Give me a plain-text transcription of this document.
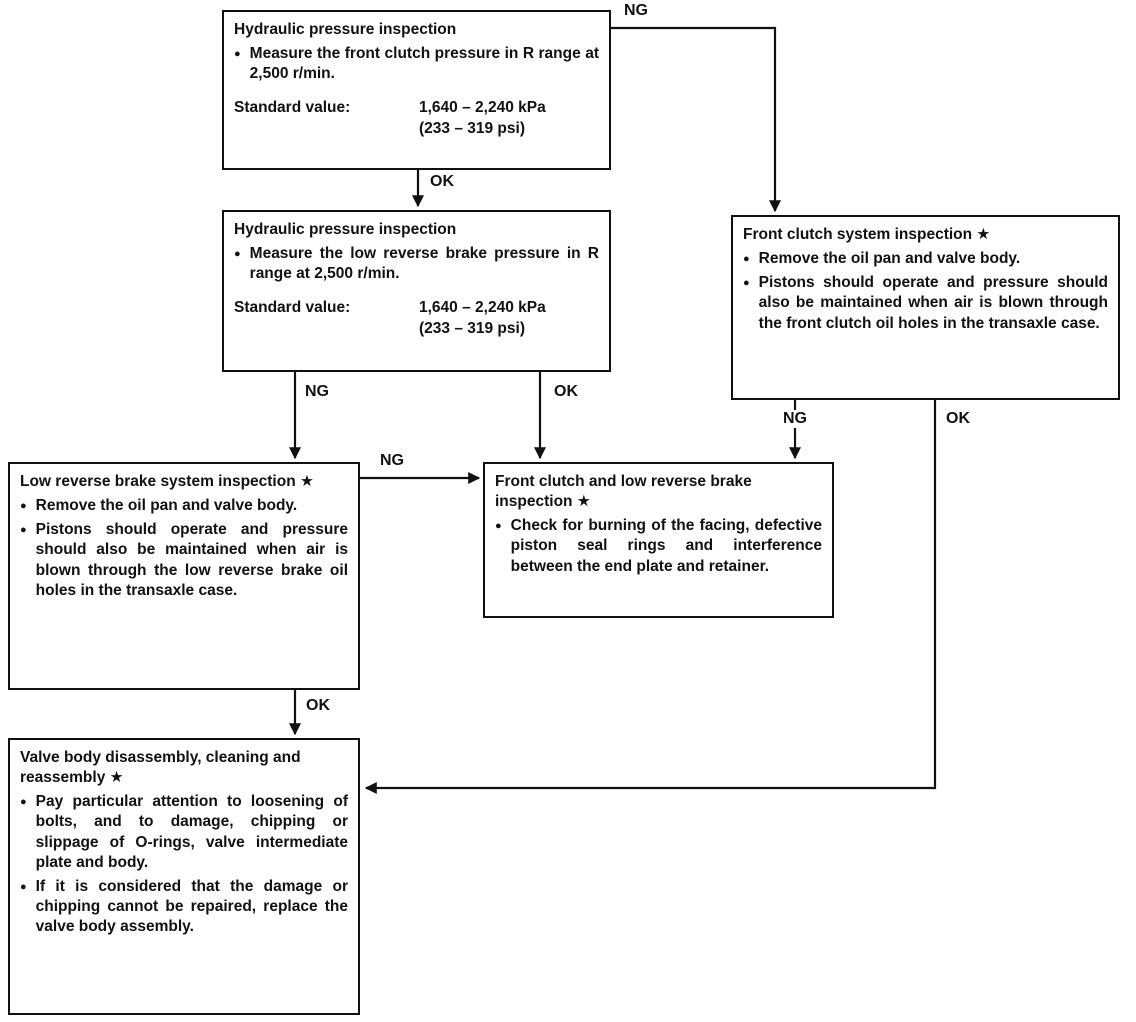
NG
OK
NG	OK
NG
NG	OK
OK
Hydraulic pressure inspection
● Measure the front clutch pressure in R range at 2,500 r/min.
Standard value:	1,640 – 2,240 kPa
(233 – 319 psi)
Hydraulic pressure inspection
● Measure the low reverse brake pressure in R range at 2,500 r/min.
Standard value:	1,640 – 2,240 kPa
(233 – 319 psi)
Front clutch system inspection ★
● Remove the oil pan and valve body.
● Pistons should operate and pressure should also be maintained when air is blown through the front clutch oil holes in the transaxle case.
Low reverse brake system inspection ★
● Remove the oil pan and valve body.
● Pistons should operate and pressure should also be maintained when air is blown through the low reverse brake oil holes in the transaxle case.
Front clutch and low reverse brake inspection ★
● Check for burning of the facing, defective piston seal rings and interference between the end plate and retainer.
Valve body disassembly, cleaning and reassembly ★
● Pay particular attention to loosening of bolts, and to damage, chipping or slippage of O-rings, valve intermediate plate and body.
● If it is considered that the damage or chipping cannot be repaired, replace the valve body assembly.
